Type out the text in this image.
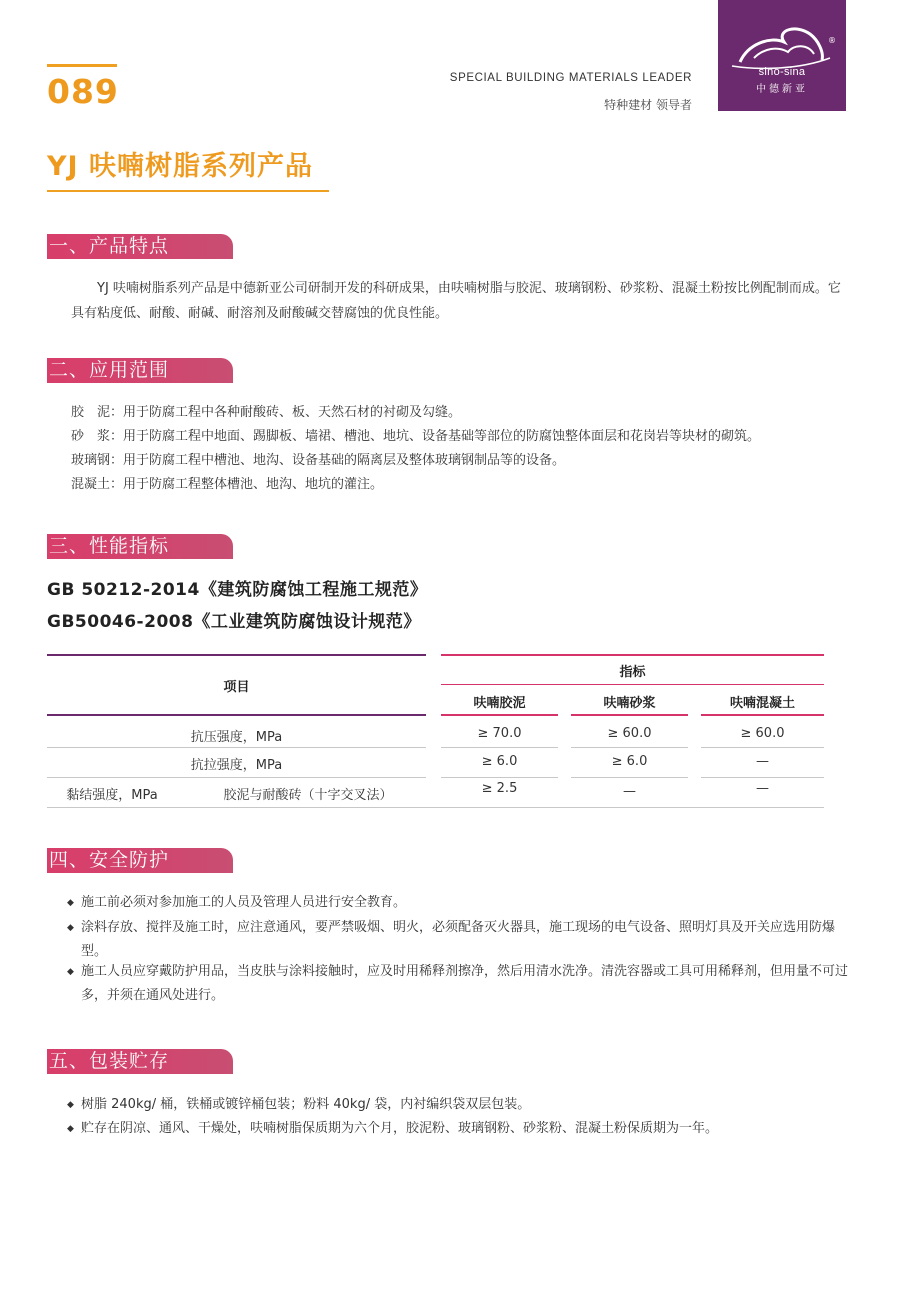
089	SPECIAL BUILDING MATERIALS LEADER
特种建材 领导者
®
sino-sina
中德新亚
YJ 呋喃树脂系列产品
一、产品特点
YJ 呋喃树脂系列产品是中德新亚公司研制开发的科研成果，由呋喃树脂与胶泥、玻璃钢粉、砂浆粉、混凝土粉按比例配制而成。它具有粘度低、耐酸、耐碱、耐溶剂及耐酸碱交替腐蚀的优良性能。
二、应用范围
胶　泥：用于防腐工程中各种耐酸砖、板、天然石材的衬砌及勾缝。
砂　浆：用于防腐工程中地面、踢脚板、墙裙、槽池、地坑、设备基础等部位的防腐蚀整体面层和花岗岩等块材的砌筑。
玻璃钢：用于防腐工程中槽池、地沟、设备基础的隔离层及整体玻璃钢制品等的设备。
混凝土：用于防腐工程整体槽池、地沟、地坑的灌注。
三、性能指标
GB 50212-2014《建筑防腐蚀工程施工规范》
GB50046-2008《工业建筑防腐蚀设计规范》
项目
指标
呋喃胶泥	呋喃砂浆	呋喃混凝土
抗压强度，MPa	≥ 70.0	≥ 60.0	≥ 60.0
抗拉强度，MPa	≥ 6.0	≥ 6.0	—
黏结强度，MPa	胶泥与耐酸砖（十字交叉法）	≥ 2.5	—	—
四、安全防护
◆ 施工前必须对参加施工的人员及管理人员进行安全教育。
◆ 涂料存放、搅拌及施工时，应注意通风，要严禁吸烟、明火，必须配备灭火器具，施工现场的电气设备、照明灯具及开关应选用防爆型。
◆ 施工人员应穿戴防护用品，当皮肤与涂料接触时，应及时用稀释剂擦净，然后用清水洗净。清洗容器或工具可用稀释剂，但用量不可过多，并须在通风处进行。
五、包装贮存
◆ 树脂 240kg/ 桶，铁桶或镀锌桶包装；粉料 40kg/ 袋，内衬编织袋双层包装。
◆ 贮存在阴凉、通风、干燥处，呋喃树脂保质期为六个月，胶泥粉、玻璃钢粉、砂浆粉、混凝土粉保质期为一年。
